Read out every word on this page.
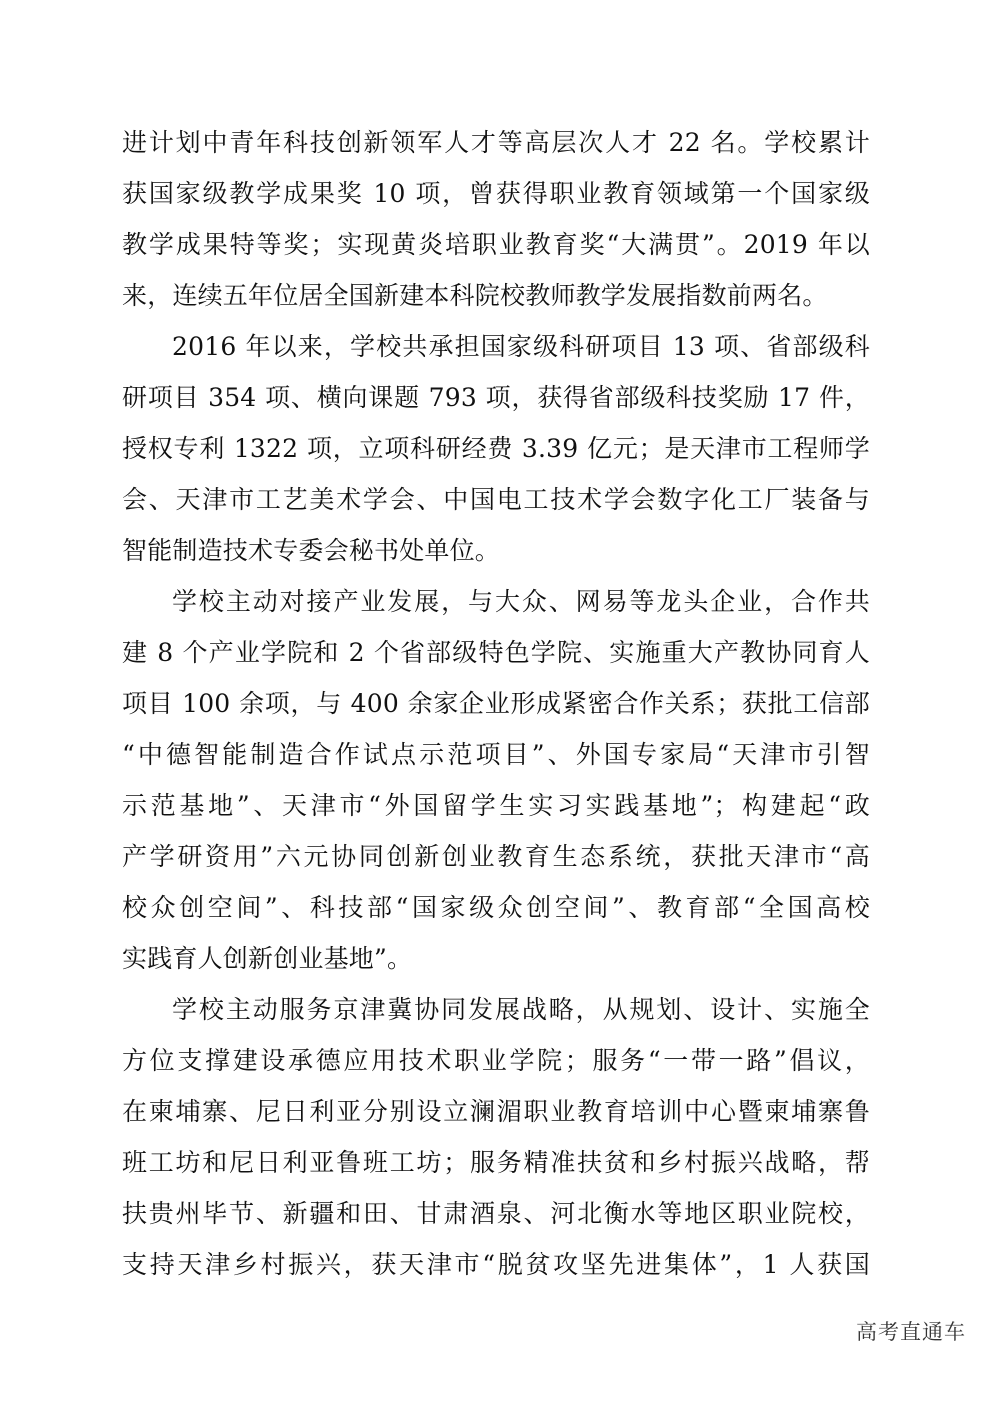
进计划中青年科技创新领军人才等高层次人才 22 名。学校累计
获国家级教学成果奖 10 项，曾获得职业教育领域第一个国家级
教学成果特等奖；实现黄炎培职业教育奖“大满贯”。2019 年以
来，连续五年位居全国新建本科院校教师教学发展指数前两名。
2016 年以来，学校共承担国家级科研项目 13 项、省部级科
研项目 354 项、横向课题 793 项，获得省部级科技奖励 17 件，
授权专利 1322 项，立项科研经费 3.39 亿元；是天津市工程师学
会、天津市工艺美术学会、中国电工技术学会数字化工厂装备与
智能制造技术专委会秘书处单位。
学校主动对接产业发展，与大众、网易等龙头企业，合作共
建 8 个产业学院和 2 个省部级特色学院、实施重大产教协同育人
项目 100 余项，与 400 余家企业形成紧密合作关系；获批工信部
“中德智能制造合作试点示范项目”、外国专家局“天津市引智
示范基地”、天津市“外国留学生实习实践基地”；构建起“政
产学研资用”六元协同创新创业教育生态系统，获批天津市“高
校众创空间”、科技部“国家级众创空间”、教育部“全国高校
实践育人创新创业基地”。
学校主动服务京津冀协同发展战略，从规划、设计、实施全
方位支撑建设承德应用技术职业学院；服务“一带一路”倡议，
在柬埔寨、尼日利亚分别设立澜湄职业教育培训中心暨柬埔寨鲁
班工坊和尼日利亚鲁班工坊；服务精准扶贫和乡村振兴战略，帮
扶贵州毕节、新疆和田、甘肃酒泉、河北衡水等地区职业院校，
支持天津乡村振兴，获天津市“脱贫攻坚先进集体”，1 人获国
高考直通车
